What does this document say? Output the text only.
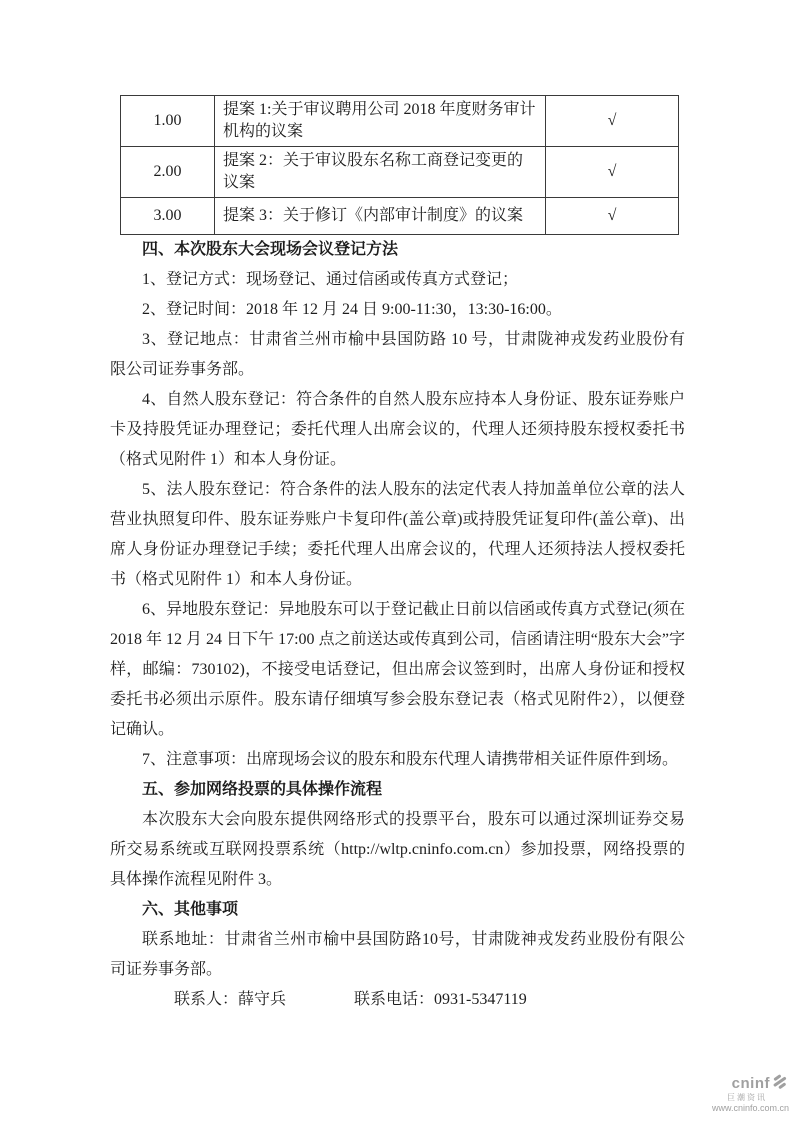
1.00	提案 1:关于审议聘用公司 2018 年度财务审计机构的议案	√
2.00	提案 2：关于审议股东名称工商登记变更的议案	√
3.00	提案 3：关于修订《内部审计制度》的议案	√
四、本次股东大会现场会议登记方法

1、登记方式：现场登记、通过信函或传真方式登记；

2、登记时间：2018 年 12 月 24 日 9:00-11:30，13:30-16:00。

3、登记地点：甘肃省兰州市榆中县国防路 10 号，甘肃陇神戎发药业股份有限公司证券事务部。

4、自然人股东登记：符合条件的自然人股东应持本人身份证、股东证券账户卡及持股凭证办理登记；委托代理人出席会议的，代理人还须持股东授权委托书（格式见附件 1）和本人身份证。

5、法人股东登记：符合条件的法人股东的法定代表人持加盖单位公章的法人营业执照复印件、股东证券账户卡复印件(盖公章)或持股凭证复印件(盖公章)、出席人身份证办理登记手续；委托代理人出席会议的，代理人还须持法人授权委托书（格式见附件 1）和本人身份证。

6、异地股东登记：异地股东可以于登记截止日前以信函或传真方式登记(须在 2018 年 12 月 24 日下午 17:00 点之前送达或传真到公司，信函请注明“股东大会”字样，邮编：730102)，不接受电话登记，但出席会议签到时，出席人身份证和授权委托书必须出示原件。股东请仔细填写参会股东登记表（格式见附件2），以便登记确认。

7、注意事项：出席现场会议的股东和股东代理人请携带相关证件原件到场。

五、参加网络投票的具体操作流程

本次股东大会向股东提供网络形式的投票平台，股东可以通过深圳证券交易所交易系统或互联网投票系统（http://wltp.cninfo.com.cn）参加投票，网络投票的具体操作流程见附件 3。

六、其他事项

联系地址：甘肃省兰州市榆中县国防路10号，甘肃陇神戎发药业股份有限公司证券事务部。

联系人：薛守兵	联系电话：0931-5347119

cninf
巨潮资讯
www.cninfo.com.cn
